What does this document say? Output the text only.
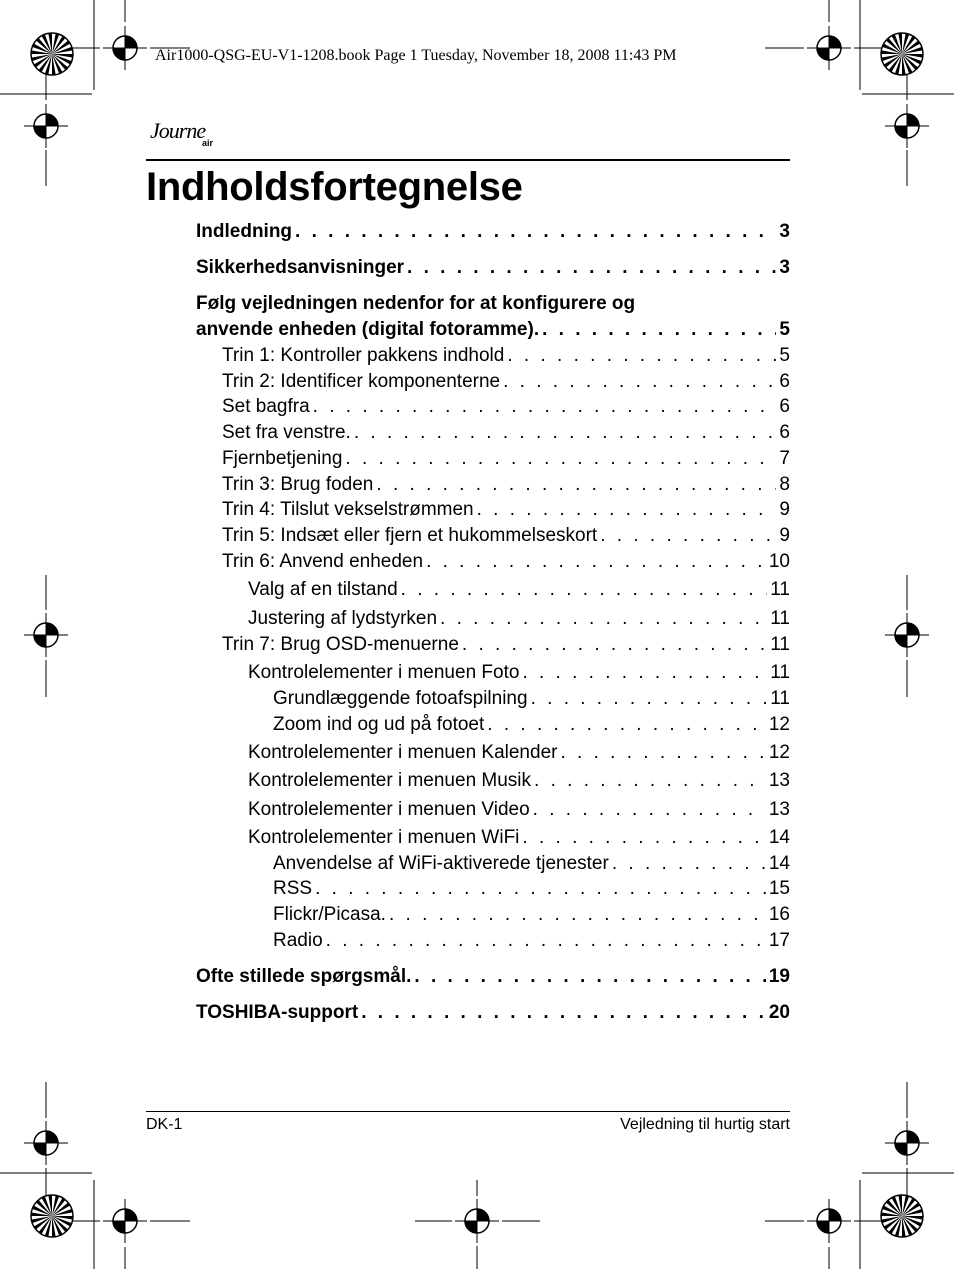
Air1000-QSG-EU-V1-1208.book Page 1 Tuesday, November 18, 2008 11:43 PM
Journe
air
Indholdsfortegnelse
Indledning . . .	3
Sikkerhedsanvisninger . . .	3
Følg vejledningen nedenfor for at konfigurere og
anvende enheden (digital fotoramme). . . .	5
Trin 1: Kontroller pakkens indhold . . .	5
Trin 2: Identificer komponenterne . . .	6
Set bagfra . . .	6
Set fra venstre. . . .	6
Fjernbetjening . . .	7
Trin 3: Brug foden . . .	8
Trin 4: Tilslut vekselstrømmen . . .	9
Trin 5: Indsæt eller fjern et hukommelseskort . . .	9
Trin 6: Anvend enheden . . .	10
Valg af en tilstand . . .	11
Justering af lydstyrken . . .	11
Trin 7: Brug OSD-menuerne . . .	11
Kontrolelementer i menuen Foto . . .	11
Grundlæggende fotoafspilning . . .	11
Zoom ind og ud på fotoet . . .	12
Kontrolelementer i menuen Kalender . . .	12
Kontrolelementer i menuen Musik . . .	13
Kontrolelementer i menuen Video . . .	13
Kontrolelementer i menuen WiFi . . .	14
Anvendelse af WiFi-aktiverede tjenester . . .	14
RSS . . .	15
Flickr/Picasa. . . .	16
Radio . . .	17
Ofte stillede spørgsmål. . . .	19
TOSHIBA-support . . .	20
DK-1	Vejledning til hurtig start
